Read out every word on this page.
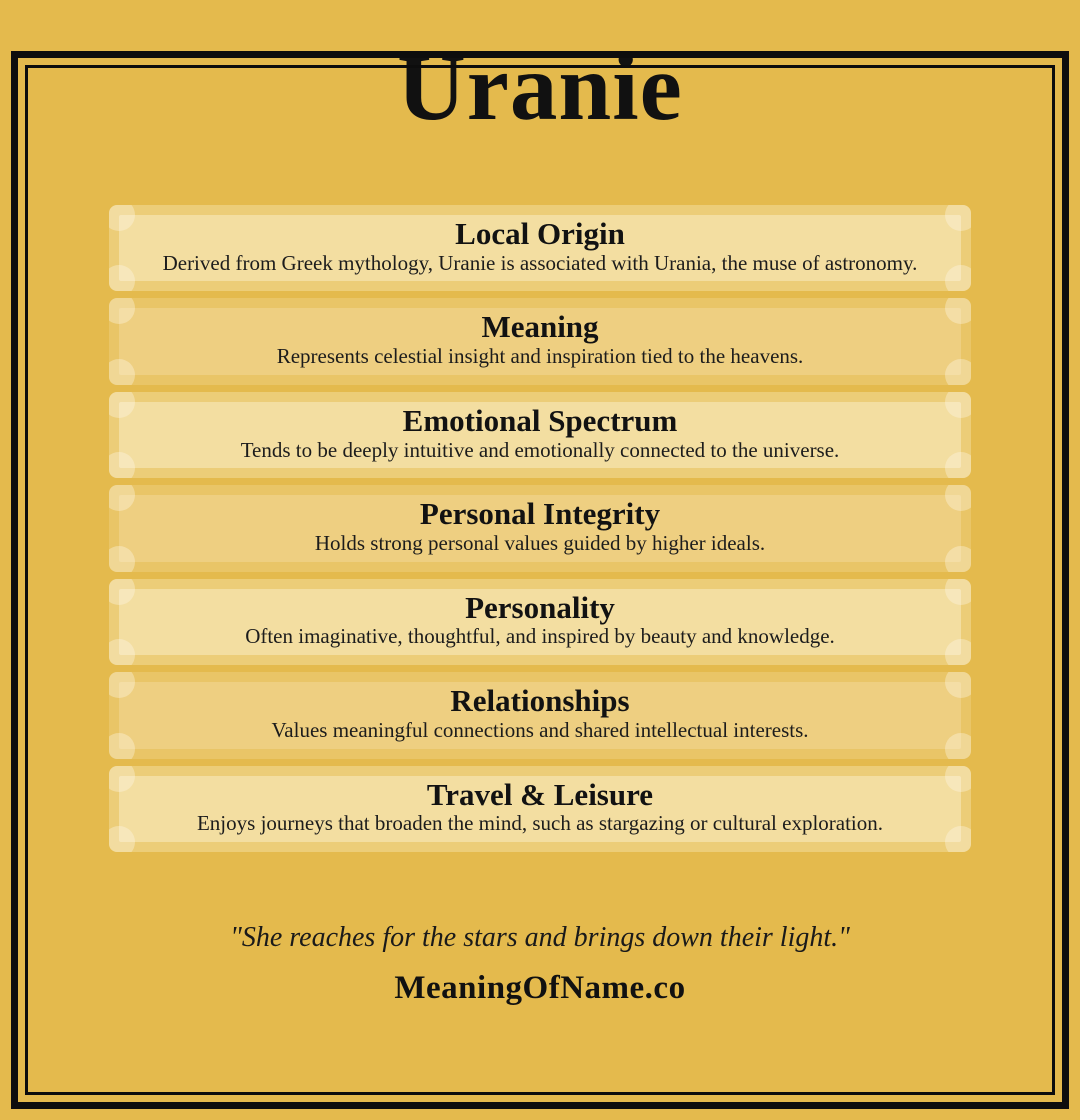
Uranie
Local Origin

Derived from Greek mythology, Uranie is associated with Urania, the muse of astronomy.

Meaning

Represents celestial insight and inspiration tied to the heavens.

Emotional Spectrum

Tends to be deeply intuitive and emotionally connected to the universe.

Personal Integrity

Holds strong personal values guided by higher ideals.

Personality

Often imaginative, thoughtful, and inspired by beauty and knowledge.

Relationships

Values meaningful connections and shared intellectual interests.

Travel & Leisure

Enjoys journeys that broaden the mind, such as stargazing or cultural exploration.

"She reaches for the stars and brings down their light."

MeaningOfName.co
